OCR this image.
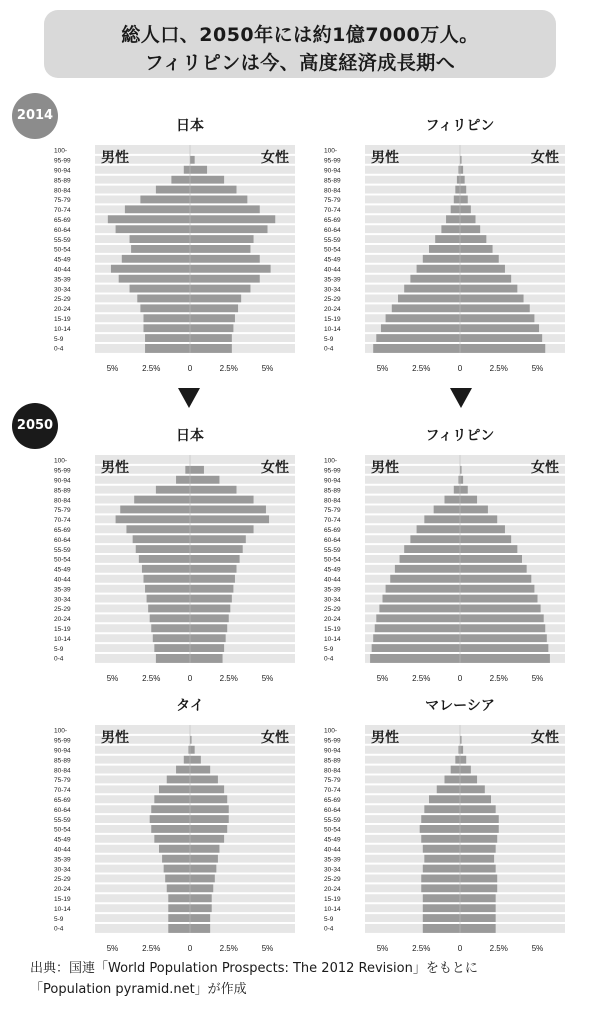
総人口、2050年には約1億7000万人。
フィリピンは今、高度経済成長期へ
2014
2050
日本
100-
95-99
90-94
85-89
80-84
75-79
70-74
65-69
60-64
55-59
50-54
45-49
40-44
35-39
30-34
25-29
20-24
15-19
10-14
5-9
0-4
男性	女性
5%	2.5%	0	2.5%	5%
フィリピン
100-
95-99
90-94
85-89
80-84
75-79
70-74
65-69
60-64
55-59
50-54
45-49
40-44
35-39
30-34
25-29
20-24
15-19
10-14
5-9
0-4
男性	女性
5%	2.5%	0	2.5%	5%
日本
100-
95-99
90-94
85-89
80-84
75-79
70-74
65-69
60-64
55-59
50-54
45-49
40-44
35-39
30-34
25-29
20-24
15-19
10-14
5-9
0-4
男性	女性
5%	2.5%	0	2.5%	5%
フィリピン
100-
95-99
90-94
85-89
80-84
75-79
70-74
65-69
60-64
55-59
50-54
45-49
40-44
35-39
30-34
25-29
20-24
15-19
10-14
5-9
0-4
男性	女性
5%	2.5%	0	2.5%	5%
タイ
100-
95-99
90-94
85-89
80-84
75-79
70-74
65-69
60-64
55-59
50-54
45-49
40-44
35-39
30-34
25-29
20-24
15-19
10-14
5-9
0-4
男性	女性
5%	2.5%	0	2.5%	5%
マレーシア
100-
95-99
90-94
85-89
80-84
75-79
70-74
65-69
60-64
55-59
50-54
45-49
40-44
35-39
30-34
25-29
20-24
15-19
10-14
5-9
0-4
男性	女性
5%	2.5%	0	2.5%	5%
出典：国連「World Population Prospects: The 2012 Revision」をもとに
「Population pyramid.net」が作成
